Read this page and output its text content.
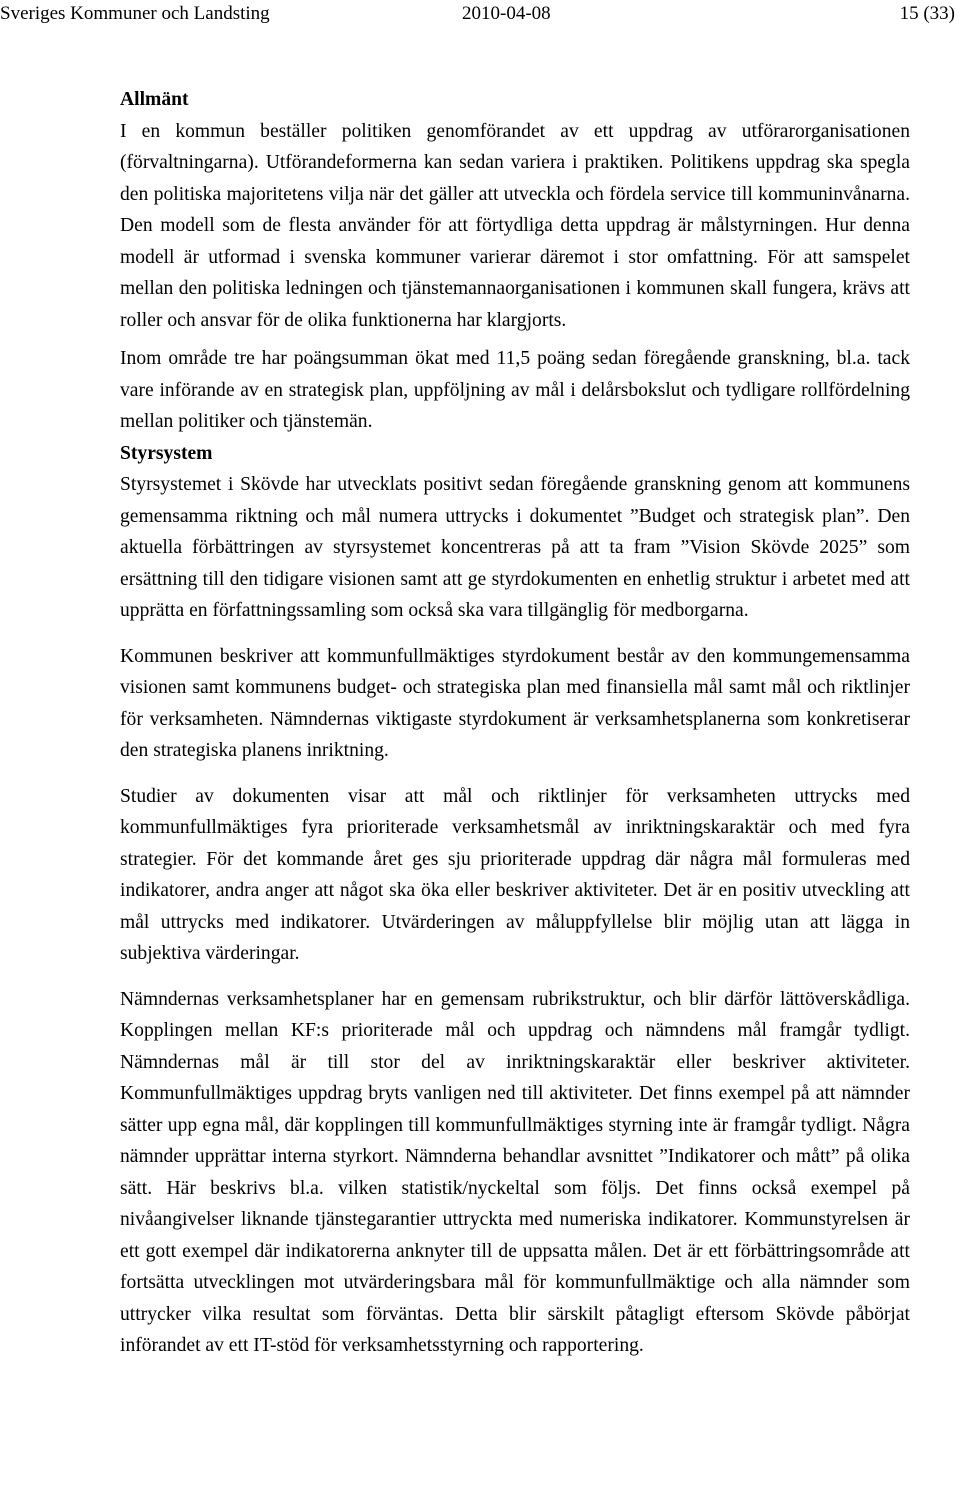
Sveriges Kommuner och Landsting	2010-04-08	15 (33)

Allmänt

I en kommun beställer politiken genomförandet av ett uppdrag av utförarorganisationen (förvaltningarna). Utförandeformerna kan sedan variera i praktiken. Politikens uppdrag ska spegla den politiska majoritetens vilja när det gäller att utveckla och fördela service till kommuninvånarna. Den modell som de flesta använder för att förtydliga detta uppdrag är målstyrningen. Hur denna modell är utformad i svenska kommuner varierar däremot i stor omfattning. För att samspelet mellan den politiska ledningen och tjänstemannaorganisationen i kommunen skall fungera, krävs att roller och ansvar för de olika funktionerna har klargjorts.

Inom område tre har poängsumman ökat med 11,5 poäng sedan föregående granskning, bl.a. tack vare införande av en strategisk plan, uppföljning av mål i delårsbokslut och tydligare rollfördelning mellan politiker och tjänstemän.

Styrsystem

Styrsystemet i Skövde har utvecklats positivt sedan föregående granskning genom att kommunens gemensamma riktning och mål numera uttrycks i dokumentet ”Budget och strategisk plan”. Den aktuella förbättringen av styrsystemet koncentreras på att ta fram ”Vision Skövde 2025” som ersättning till den tidigare visionen samt att ge styrdokumenten en enhetlig struktur i arbetet med att upprätta en författningssamling som också ska vara tillgänglig för medborgarna.

Kommunen beskriver att kommunfullmäktiges styrdokument består av den kommungemensamma visionen samt kommunens budget- och strategiska plan med finansiella mål samt mål och riktlinjer för verksamheten. Nämndernas viktigaste styrdokument är verksamhetsplanerna som konkretiserar den strategiska planens inriktning.

Studier av dokumenten visar att mål och riktlinjer för verksamheten uttrycks med kommunfullmäktiges fyra prioriterade verksamhetsmål av inriktningskaraktär och med fyra strategier. För det kommande året ges sju prioriterade uppdrag där några mål formuleras med indikatorer, andra anger att något ska öka eller beskriver aktiviteter. Det är en positiv utveckling att mål uttrycks med indikatorer. Utvärderingen av måluppfyllelse blir möjlig utan att lägga in subjektiva värderingar.

Nämndernas verksamhetsplaner har en gemensam rubrikstruktur, och blir därför lättöverskådliga. Kopplingen mellan KF:s prioriterade mål och uppdrag och nämndens mål framgår tydligt. Nämndernas mål är till stor del av inriktningskaraktär eller beskriver aktiviteter. Kommunfullmäktiges uppdrag bryts vanligen ned till aktiviteter. Det finns exempel på att nämnder sätter upp egna mål, där kopplingen till kommunfullmäktiges styrning inte är framgår tydligt. Några nämnder upprättar interna styrkort. Nämnderna behandlar avsnittet ”Indikatorer och mått” på olika sätt. Här beskrivs bl.a. vilken statistik/nyckeltal som följs. Det finns också exempel på nivåangivelser liknande tjänstegarantier uttryckta med numeriska indikatorer. Kommunstyrelsen är ett gott exempel där indikatorerna anknyter till de uppsatta målen. Det är ett förbättringsområde att fortsätta utvecklingen mot utvärderingsbara mål för kommunfullmäktige och alla nämnder som uttrycker vilka resultat som förväntas. Detta blir särskilt påtagligt eftersom Skövde påbörjat införandet av ett IT-stöd för verksamhetsstyrning och rapportering.
